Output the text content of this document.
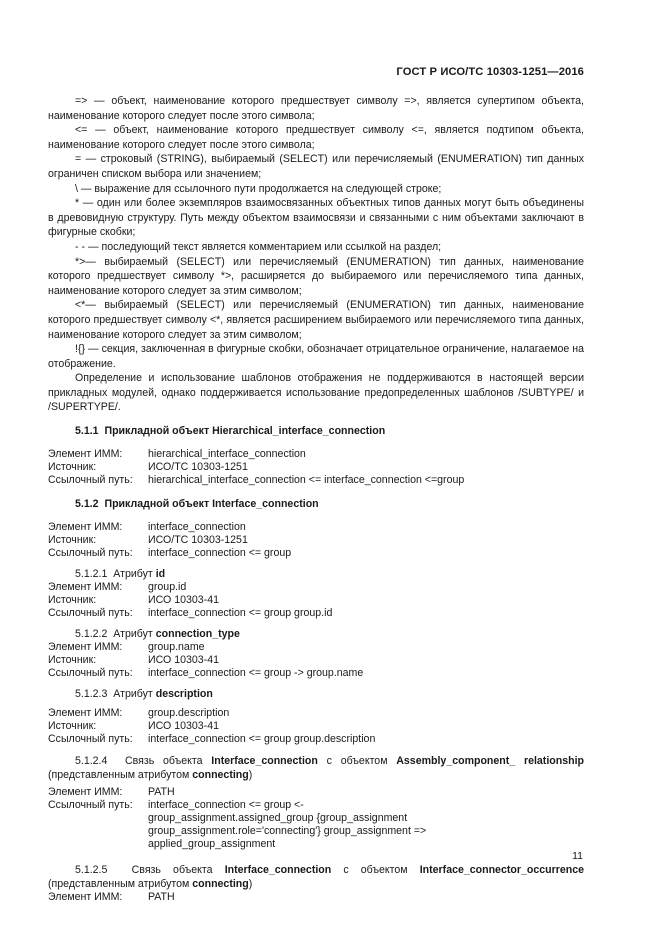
ГОСТ Р ИСО/ТС 10303-1251—2016

=> — объект, наименование которого предшествует символу =>, является супертипом объекта, наименование которого следует после этого символа;

<= — объект, наименование которого предшествует символу <=, является подтипом объекта, наименование которого следует после этого символа;

= — строковый (STRING), выбираемый (SELECT) или перечисляемый (ENUMERATION) тип данных ограничен списком выбора или значением;

\ — выражение для ссылочного пути продолжается на следующей строке;

* — один или более экземпляров взаимосвязанных объектных типов данных могут быть объединены в древовидную структуру. Путь между объектом взаимосвязи и связанными с ним объектами заключают в фигурные скобки;

- - — последующий текст является комментарием или ссылкой на раздел;

*>— выбираемый (SELECT) или перечисляемый (ENUMERATION) тип данных, наименование которого предшествует символу *>, расширяется до выбираемого или перечисляемого типа данных, наименование которого следует за этим символом;

<*— выбираемый (SELECT) или перечисляемый (ENUMERATION) тип данных, наименование которого предшествует символу <*, является расширением выбираемого или перечисляемого типа данных, наименование которого следует за этим символом;

!{} — секция, заключенная в фигурные скобки, обозначает отрицательное ограничение, налагаемое на отображение.

Определение и использование шаблонов отображения не поддерживаются в настоящей версии прикладных модулей, однако поддерживается использование предопределенных шаблонов /SUBTYPE/ и /SUPERTYPE/.

5.1.1 Прикладной объект Hierarchical_interface_connection
Элемент ИММ:	hierarchical_interface_connection
Источник:	ИСО/ТС 10303-1251
Ссылочный путь:	hierarchical_interface_connection <= interface_connection <=group
5.1.2 Прикладной объект Interface_connection
Элемент ИММ:	interface_connection
Источник:	ИСО/ТС 10303-1251
Ссылочный путь:	interface_connection <= group
5.1.2.1 Атрибут id
Элемент ИММ:	group.id
Источник:	ИСО 10303-41
Ссылочный путь:	interface_connection <= group group.id
5.1.2.2 Атрибут connection_type
Элемент ИММ:	group.name
Источник:	ИСО 10303-41
Ссылочный путь:	interface_connection <= group -> group.name
5.1.2.3 Атрибут description
Элемент ИММ:	group.description
Источник:	ИСО 10303-41
Ссылочный путь:	interface_connection <= group group.description

5.1.2.4 Связь объекта Interface_connection с объектом Assembly_component_ relationship (представленным атрибутом connecting)

Элемент ИММ:	PATH
Ссылочный путь:	interface_connection <= group <-
group_assignment.assigned_group {group_assignment
group_assignment.role='connecting'} group_assignment =>
applied_group_assignment

5.1.2.5 Связь объекта Interface_connection с объектом Interface_connector_occurrence (представленным атрибутом connecting)

Элемент ИММ:	PATH
11
